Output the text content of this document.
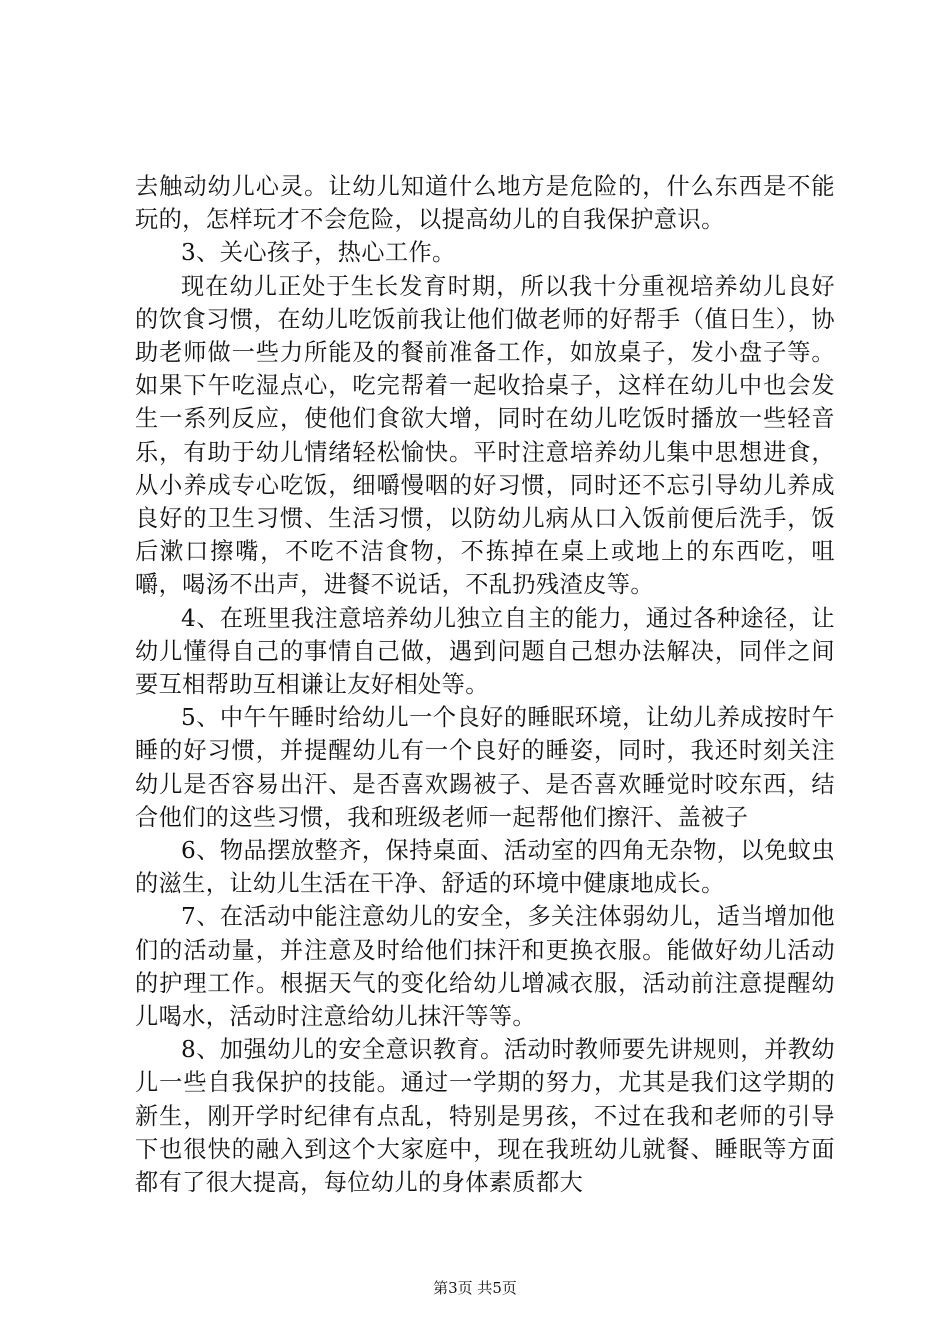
去触动幼儿心灵。让幼儿知道什么地方是危险的，什么东西是不能玩的，怎样玩才不会危险，以提高幼儿的自我保护意识。

3、关心孩子，热心工作。

现在幼儿正处于生长发育时期，所以我十分重视培养幼儿良好的饮食习惯，在幼儿吃饭前我让他们做老师的好帮手（值日生），协助老师做一些力所能及的餐前准备工作，如放桌子，发小盘子等。如果下午吃湿点心，吃完帮着一起收拾桌子，这样在幼儿中也会发生一系列反应，使他们食欲大增，同时在幼儿吃饭时播放一些轻音乐，有助于幼儿情绪轻松愉快。平时注意培养幼儿集中思想进食，从小养成专心吃饭，细嚼慢咽的好习惯，同时还不忘引导幼儿养成良好的卫生习惯、生活习惯，以防幼儿病从口入饭前便后洗手，饭后漱口擦嘴，不吃不洁食物，不拣掉在桌上或地上的东西吃，咀嚼，喝汤不出声，进餐不说话，不乱扔残渣皮等。

4、在班里我注意培养幼儿独立自主的能力，通过各种途径，让幼儿懂得自己的事情自己做，遇到问题自己想办法解决，同伴之间要互相帮助互相谦让友好相处等。

5、中午午睡时给幼儿一个良好的睡眠环境，让幼儿养成按时午睡的好习惯，并提醒幼儿有一个良好的睡姿，同时，我还时刻关注幼儿是否容易出汗、是否喜欢踢被子、是否喜欢睡觉时咬东西，结合他们的这些习惯，我和班级老师一起帮他们擦汗、盖被子

6、物品摆放整齐，保持桌面、活动室的四角无杂物，以免蚊虫的滋生，让幼儿生活在干净、舒适的环境中健康地成长。

7、在活动中能注意幼儿的安全，多关注体弱幼儿，适当增加他们的活动量，并注意及时给他们抹汗和更换衣服。能做好幼儿活动的护理工作。根据天气的变化给幼儿增减衣服，活动前注意提醒幼儿喝水，活动时注意给幼儿抹汗等等。

8、加强幼儿的安全意识教育。活动时教师要先讲规则，并教幼儿一些自我保护的技能。通过一学期的努力，尤其是我们这学期的新生，刚开学时纪律有点乱，特别是男孩，不过在我和老师的引导下也很快的融入到这个大家庭中，现在我班幼儿就餐、睡眠等方面都有了很大提高，每位幼儿的身体素质都大

第3页 共5页
